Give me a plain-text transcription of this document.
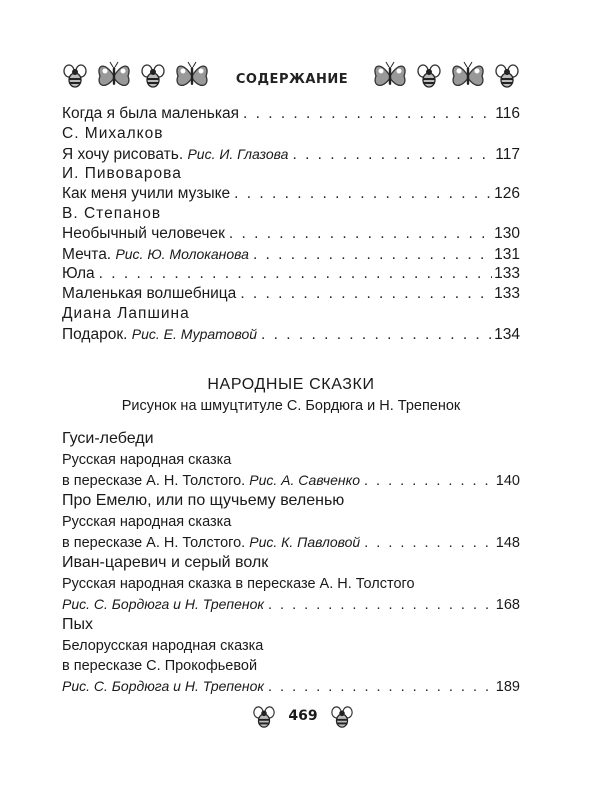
СОДЕРЖАНИЕ
Когда я была маленькая . . .	116
С. Михалков
Я хочу рисовать. Рис. И. Глазова . . .	117
И. Пивоварова
Как меня учили музыке . . .	126
В. Степанов
Необычный человечек . . .	130
Мечта. Рис. Ю. Молоканова . . .	131
Юла . . .	133
Маленькая волшебница . . .	133
Диана Лапшина
Подарок. Рис. Е. Муратовой . . .	134
НАРОДНЫЕ СКАЗКИ
Рисунок на шмуцтитуле С. Бордюга и Н. Трепенок
Гуси-лебеди
Русская народная сказка
в пересказе А. Н. Толстого. Рис. А. Савченко . . .	140
Про Емелю, или по щучьему веленью
Русская народная сказка
в пересказе А. Н. Толстого. Рис. К. Павловой . . .	148
Иван-царевич и серый волк
Русская народная сказка в пересказе А. Н. Толстого
Рис. С. Бордюга и Н. Трепенок . . .	168
Пых
Белорусская народная сказка
в пересказе С. Прокофьевой
Рис. С. Бордюга и Н. Трепенок . . .	189
469
